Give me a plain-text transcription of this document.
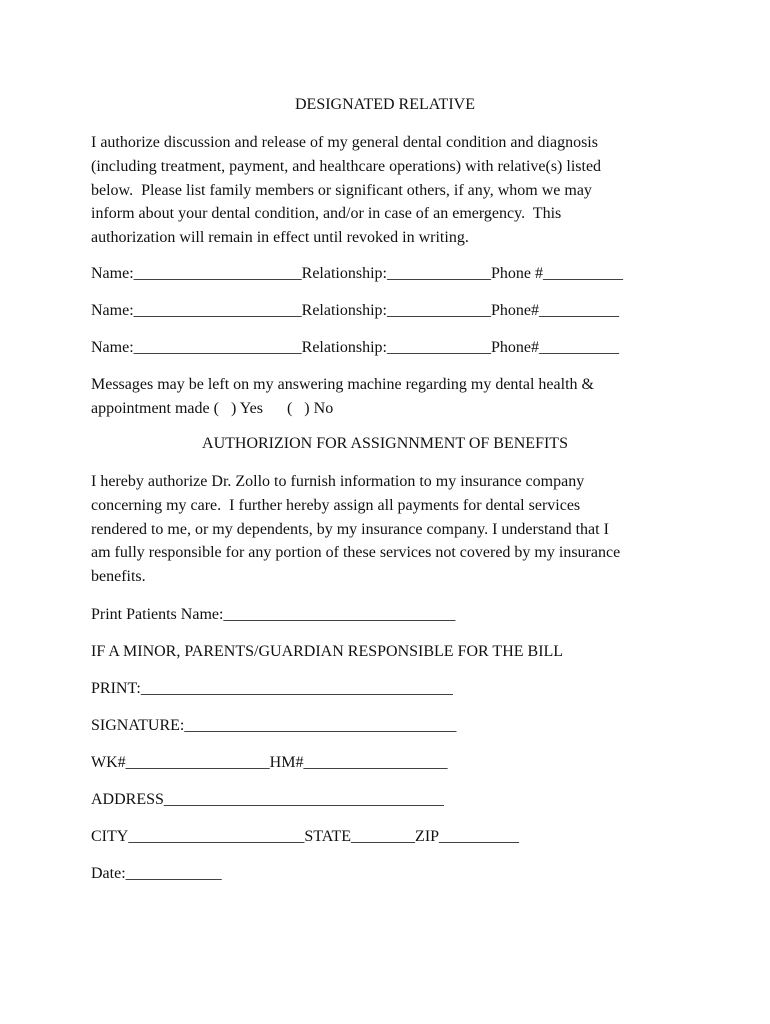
DESIGNATED RELATIVE
I authorize discussion and release of my general dental condition and diagnosis
(including treatment, payment, and healthcare operations) with relative(s) listed
below.  Please list family members or significant others, if any, whom we may
inform about your dental condition, and/or in case of an emergency.  This
authorization will remain in effect until revoked in writing.
Name:_____________________Relationship:_____________Phone #__________
Name:_____________________Relationship:_____________Phone#__________
Name:_____________________Relationship:_____________Phone#__________
Messages may be left on my answering machine regarding my dental health &
appointment made (   ) Yes      (   ) No
AUTHORIZION FOR ASSIGNNMENT OF BENEFITS
I hereby authorize Dr. Zollo to furnish information to my insurance company
concerning my care.  I further hereby assign all payments for dental services
rendered to me, or my dependents, by my insurance company. I understand that I
am fully responsible for any portion of these services not covered by my insurance
benefits.
Print Patients Name:_____________________________
IF A MINOR, PARENTS/GUARDIAN RESPONSIBLE FOR THE BILL
PRINT:_______________________________________
SIGNATURE:__________________________________
WK#__________________HM#__________________
ADDRESS___________________________________
CITY______________________STATE________ZIP__________
Date:____________
